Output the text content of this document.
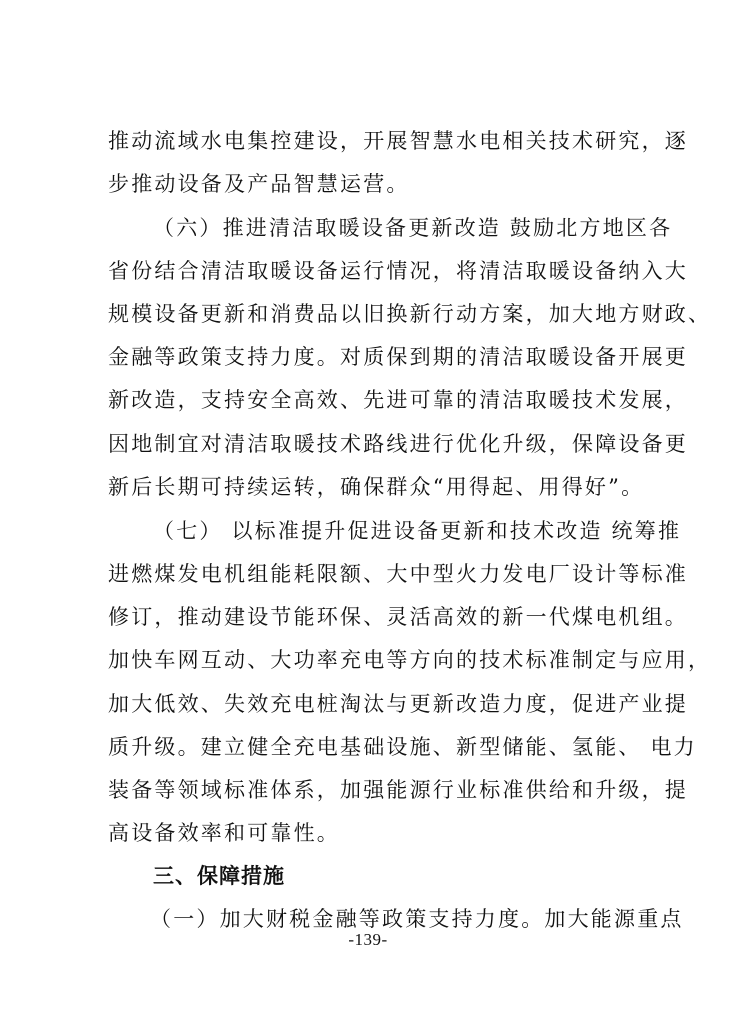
推动流域水电集控建设，开展智慧水电相关技术研究，逐
步推动设备及产品智慧运营。
（六）推进清洁取暖设备更新改造 鼓励北方地区各
省份结合清洁取暖设备运行情况，将清洁取暖设备纳入大
规模设备更新和消费品以旧换新行动方案，加大地方财政、
金融等政策支持力度。对质保到期的清洁取暖设备开展更
新改造，支持安全高效、先进可靠的清洁取暖技术发展，
因地制宜对清洁取暖技术路线进行优化升级，保障设备更
新后长期可持续运转，确保群众“用得起、用得好”。
（七） 以标准提升促进设备更新和技术改造 统筹推
进燃煤发电机组能耗限额、大中型火力发电厂设计等标准
修订，推动建设节能环保、灵活高效的新一代煤电机组。
加快车网互动、大功率充电等方向的技术标准制定与应用，
加大低效、失效充电桩淘汰与更新改造力度，促进产业提
质升级。建立健全充电基础设施、新型储能、氢能、 电力
装备等领域标准体系，加强能源行业标准供给和升级，提
高设备效率和可靠性。
三、保障措施
（一）加大财税金融等政策支持力度。加大能源重点
-139-
